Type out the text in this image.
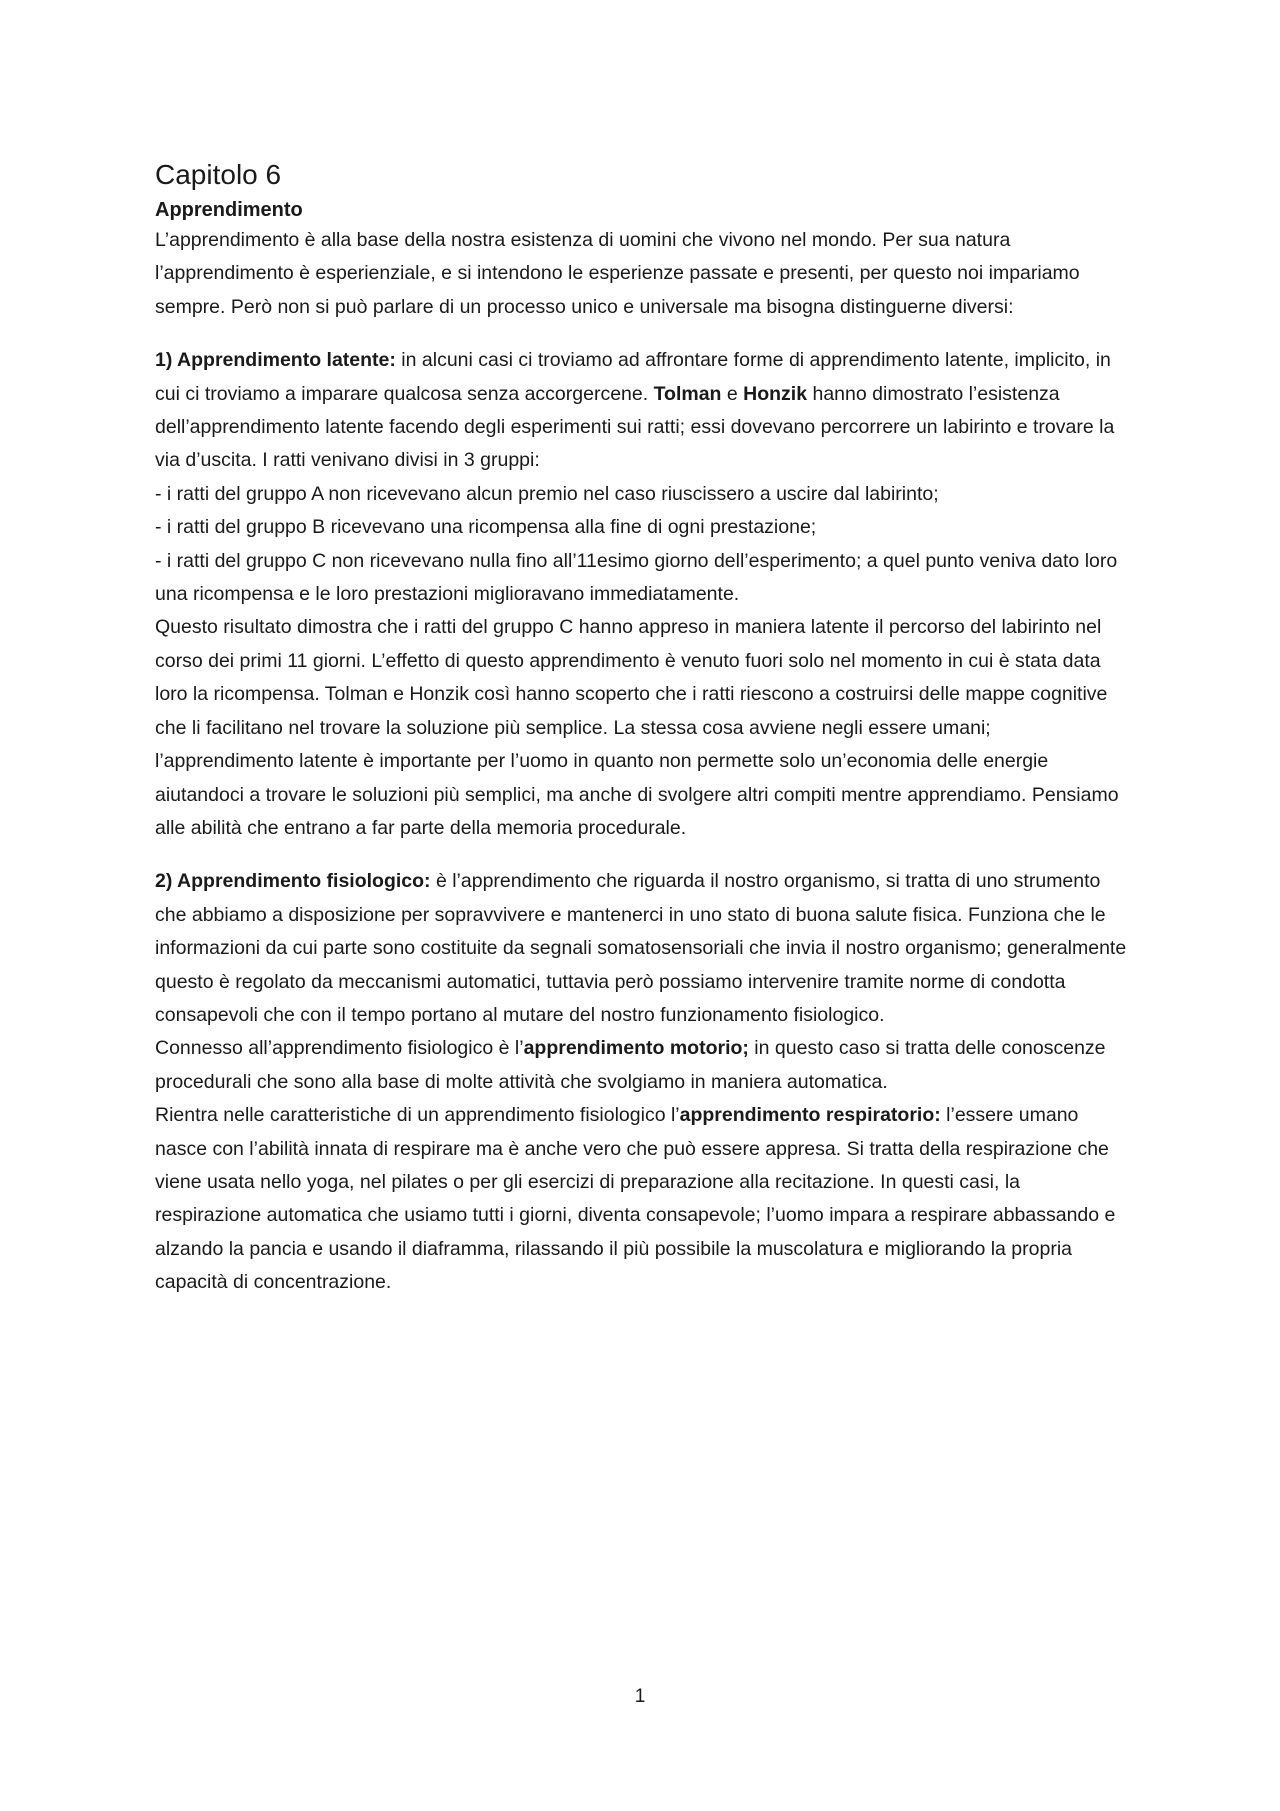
Capitolo 6
Apprendimento

L’apprendimento è alla base della nostra esistenza di uomini che vivono nel mondo. Per sua natura l’apprendimento è esperienziale, e si intendono le esperienze passate e presenti, per questo noi impariamo sempre. Però non si può parlare di un processo unico e universale ma bisogna distinguerne diversi:

1) Apprendimento latente: in alcuni casi ci troviamo ad affrontare forme di apprendimento latente, implicito, in cui ci troviamo a imparare qualcosa senza accorgercene. Tolman e Honzik hanno dimostrato l’esistenza dell’apprendimento latente facendo degli esperimenti sui ratti; essi dovevano percorrere un labirinto e trovare la via d’uscita. I ratti venivano divisi in 3 gruppi:

- i ratti del gruppo A non ricevevano alcun premio nel caso riuscissero a uscire dal labirinto;

- i ratti del gruppo B ricevevano una ricompensa alla fine di ogni prestazione;

- i ratti del gruppo C non ricevevano nulla fino all’11esimo giorno dell’esperimento; a quel punto veniva dato loro una ricompensa e le loro prestazioni miglioravano immediatamente.

Questo risultato dimostra che i ratti del gruppo C hanno appreso in maniera latente il percorso del labirinto nel corso dei primi 11 giorni. L’effetto di questo apprendimento è venuto fuori solo nel momento in cui è stata data loro la ricompensa. Tolman e Honzik così hanno scoperto che i ratti riescono a costruirsi delle mappe cognitive che li facilitano nel trovare la soluzione più semplice. La stessa cosa avviene negli essere umani; l’apprendimento latente è importante per l’uomo in quanto non permette solo un’economia delle energie aiutandoci a trovare le soluzioni più semplici, ma anche di svolgere altri compiti mentre apprendiamo. Pensiamo alle abilità che entrano a far parte della memoria procedurale.

2) Apprendimento fisiologico: è l’apprendimento che riguarda il nostro organismo, si tratta di uno strumento che abbiamo a disposizione per sopravvivere e mantenerci in uno stato di buona salute fisica. Funziona che le informazioni da cui parte sono costituite da segnali somatosensoriali che invia il nostro organismo; generalmente questo è regolato da meccanismi automatici, tuttavia però possiamo intervenire tramite norme di condotta consapevoli che con il tempo portano al mutare del nostro funzionamento fisiologico.

Connesso all’apprendimento fisiologico è l’apprendimento motorio; in questo caso si tratta delle conoscenze procedurali che sono alla base di molte attività che svolgiamo in maniera automatica.

Rientra nelle caratteristiche di un apprendimento fisiologico l’apprendimento respiratorio: l’essere umano nasce con l’abilità innata di respirare ma è anche vero che può essere appresa. Si tratta della respirazione che viene usata nello yoga, nel pilates o per gli esercizi di preparazione alla recitazione. In questi casi, la respirazione automatica che usiamo tutti i giorni, diventa consapevole; l’uomo impara a respirare abbassando e alzando la pancia e usando il diaframma, rilassando il più possibile la muscolatura e migliorando la propria capacità di concentrazione.

1
